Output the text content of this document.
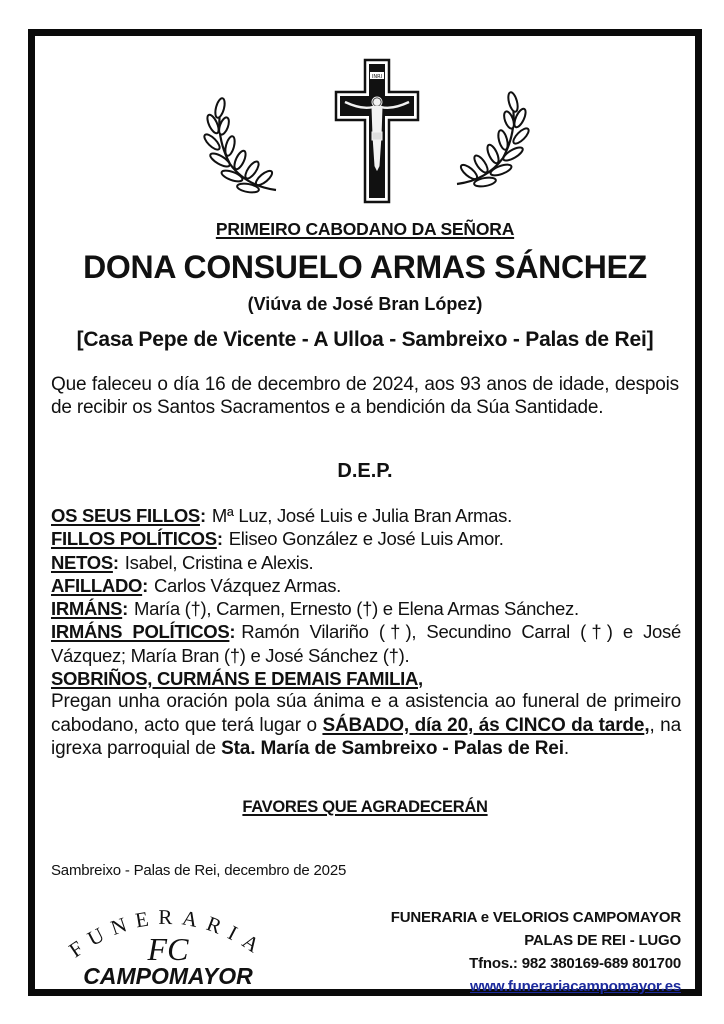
INRI
PRIMEIRO CABODANO DA SEÑORA
DONA CONSUELO ARMAS SÁNCHEZ
(Viúva de José Bran López)
[Casa Pepe de Vicente - A Ulloa - Sambreixo - Palas de Rei]
Que faleceu o día 16 de decembro de 2024, aos 93 anos de idade, despois de recibir os Santos Sacramentos e a bendición da Súa Santidade.
D.E.P.
OS SEUS FILLOS: Mª Luz, José Luis e Julia Bran Armas.
FILLOS POLÍTICOS: Eliseo González e José Luis Amor.
NETOS: Isabel, Cristina e Alexis.
AFILLADO: Carlos Vázquez Armas.
IRMÁNS: María (†), Carmen, Ernesto (†) e Elena Armas Sánchez.
IRMÁNS POLÍTICOS: Ramón Vilariño (†), Secundino Carral (†) e José Vázquez; María Bran (†) e José Sánchez (†).
SOBRIÑOS, CURMÁNS E DEMAIS FAMILIA,
Pregan unha oración pola súa ánima e a asistencia ao funeral de primeiro cabodano, acto que terá lugar o SÁBADO, día 20, ás CINCO da tarde,, na igrexa parroquial de Sta. María de Sambreixo - Palas de Rei.
FAVORES QUE AGRADECERÁN
Sambreixo - Palas de Rei, decembro de 2025
FUNERARIA
FC
CAMPOMAYOR
FUNERARIA e VELORIOS CAMPOMAYOR
PALAS DE REI - LUGO
Tfnos.: 982 380169-689 801700
www.funerariacampomayor.es
